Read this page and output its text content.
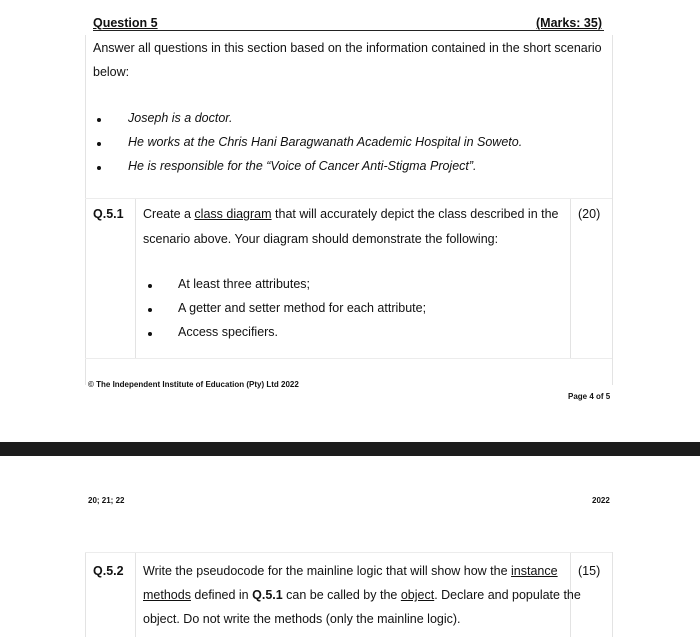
Question 5	(Marks: 35)
Answer all questions in this section based on the information contained in the short scenario
below:
Joseph is a doctor.
He works at the Chris Hani Baragwanath Academic Hospital in Soweto.
He is responsible for the “Voice of Cancer Anti-Stigma Project”.
Q.5.1 Create a class diagram that will accurately depict the class described in the (20)
scenario above. Your diagram should demonstrate the following:
At least three attributes;
A getter and setter method for each attribute;
Access specifiers.
© The Independent Institute of Education (Pty) Ltd 2022
Page 4 of 5
20; 21; 22	2022
Q.5.2 Write the pseudocode for the mainline logic that will show how the instance (15)
methods defined in Q.5.1 can be called by the object. Declare and populate the
object. Do not write the methods (only the mainline logic).
